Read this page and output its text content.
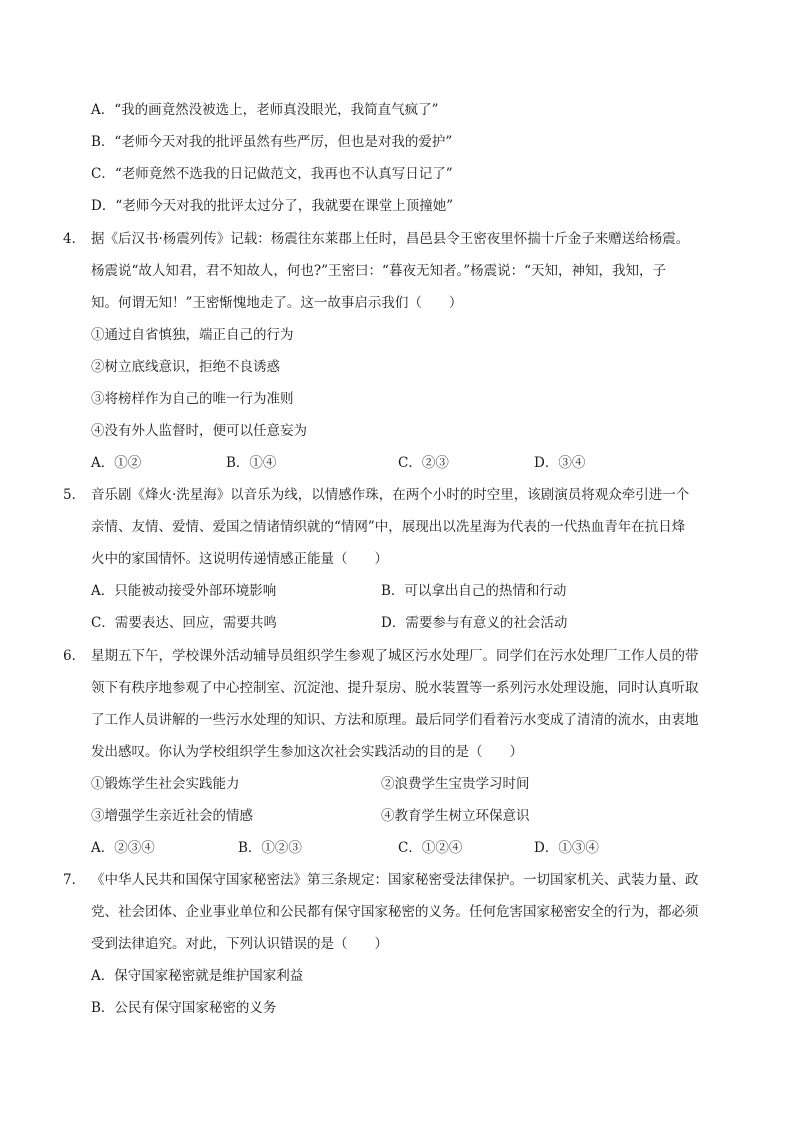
A．“我的画竟然没被选上，老师真没眼光，我简直气疯了”
B．“老师今天对我的批评虽然有些严厉，但也是对我的爱护”
C．“老师竟然不选我的日记做范文，我再也不认真写日记了”
D．“老师今天对我的批评太过分了，我就要在课堂上顶撞她”
4． 据《后汉书·杨震列传》记载：杨震往东莱郡上任时，昌邑县令王密夜里怀揣十斤金子来赠送给杨震。
杨震说“故人知君，君不知故人，何也?”王密曰：“暮夜无知者。”杨震说：“天知，神知，我知，子
知。何谓无知！”王密惭愧地走了。这一故事启示我们（　　）
①通过自省慎独，端正自己的行为
②树立底线意识，拒绝不良诱惑
③将榜样作为自己的唯一行为准则
④没有外人监督时，便可以任意妄为
A．①②	B．①④	C．②③	D．③④
5． 音乐剧《烽火·洗星海》以音乐为线，以情感作珠，在两个小时的时空里，该剧演员将观众牵引进一个
亲情、友情、爱情、爱国之情诸情织就的“情网”中，展现出以冼星海为代表的一代热血青年在抗日烽
火中的家国情怀。这说明传递情感正能量（　　）
A．只能被动接受外部环境影响	B．可以拿出自己的热情和行动
C．需要表达、回应，需要共鸣	D．需要参与有意义的社会活动
6． 星期五下午，学校课外活动辅导员组织学生参观了城区污水处理厂。同学们在污水处理厂工作人员的带
领下有秩序地参观了中心控制室、沉淀池、提升泵房、脱水装置等一系列污水处理设施，同时认真听取
了工作人员讲解的一些污水处理的知识、方法和原理。最后同学们看着污水变成了清清的流水，由衷地
发出感叹。你认为学校组织学生参加这次社会实践活动的目的是（　　）
①锻炼学生社会实践能力	②浪费学生宝贵学习时间
③增强学生亲近社会的情感	④教育学生树立环保意识
A．②③④	B．①②③	C．①②④	D．①③④
7． 《中华人民共和国保守国家秘密法》第三条规定：国家秘密受法律保护。一切国家机关、武装力量、政
党、社会团体、企业事业单位和公民都有保守国家秘密的义务。任何危害国家秘密安全的行为，都必须
受到法律追究。对此，下列认识错误的是（　　）
A．保守国家秘密就是维护国家利益
B．公民有保守国家秘密的义务
